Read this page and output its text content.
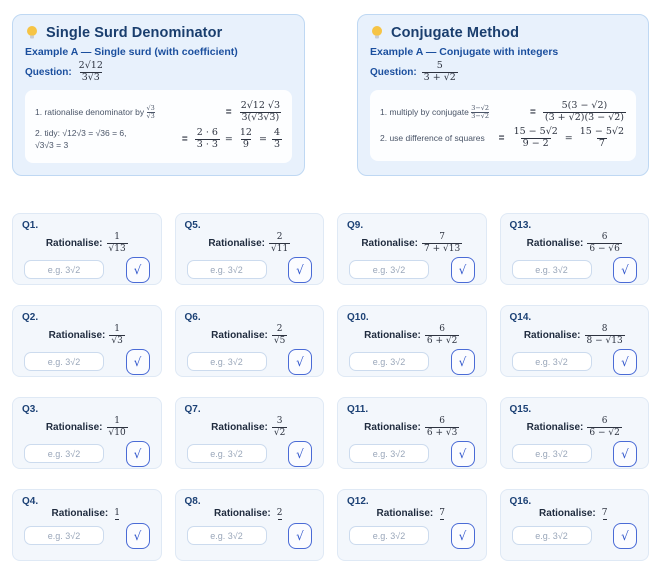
Single Surd Denominator
Example A — Single surd (with coefficient)
Question: $\frac{2√12}{3√3}$
1. rationalise denominator by $\frac{√3}{√3}$	= $\frac{2√12 √3}{3(√3√3)}$
2. tidy: √12√3 = √36 = 6,
√3√3 = 3
= $\frac{2 \cdot 6}{3 \cdot 3} = \frac{12}{9} = \frac{4}{3}$
Conjugate Method
Example A — Conjugate with integers
Question: $\frac{5}{3 + √2}$
1. multiply by conjugate $\frac{3-√2}{3-√2}$	= $\frac{5(3 - √2)}{(3 + √2)(3 - √2)}$
2. use difference of squares	= $\frac{15 - 5√2}{9 - 2} = \frac{15 - 5√2}{7}$
Q1.
Rationalise: $\frac{1}{√13}$
e.g. 3√2
√
Q5.
Rationalise: $\frac{2}{√11}$
e.g. 3√2
√
Q9.
Rationalise: $\frac{7}{7 + √13}$
e.g. 3√2
√
Q13.
Rationalise: $\frac{6}{6 - √6}$
e.g. 3√2
√
Q2.
Rationalise: $\frac{1}{√3}$
e.g. 3√2
√
Q6.
Rationalise: $\frac{2}{√5}$
e.g. 3√2
√
Q10.
Rationalise: $\frac{6}{6 + √2}$
e.g. 3√2
√
Q14.
Rationalise: $\frac{8}{8 - √13}$
e.g. 3√2
√
Q3.
Rationalise: $\frac{1}{√10}$
e.g. 3√2
√
Q7.
Rationalise: $\frac{3}{√2}$
e.g. 3√2
√
Q11.
Rationalise: $\frac{6}{6 + √3}$
e.g. 3√2
√
Q15.
Rationalise: $\frac{6}{6 - √2}$
e.g. 3√2
√
Q4.
Rationalise: 1
e.g. 3√2
√
Q8.
Rationalise: 2
e.g. 3√2
√
Q12.
Rationalise: 7
e.g. 3√2
√
Q16.
Rationalise: 7
e.g. 3√2
√
